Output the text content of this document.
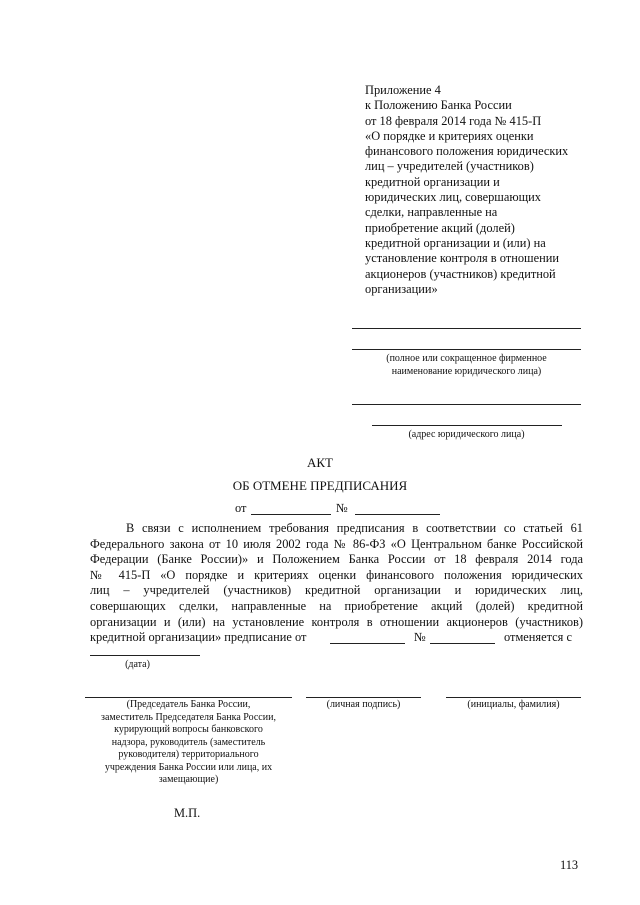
Приложение 4
к Положению Банка России
от 18 февраля 2014 года № 415-П
«О порядке и критериях оценки
финансового положения юридических
лиц – учредителей (участников)
кредитной организации и
юридических лиц, совершающих
сделки, направленные на
приобретение акций (долей)
кредитной организации и (или) на
установление контроля в отношении
акционеров (участников) кредитной
организации»
(полное или сокращенное фирменное
наименование юридического лица)
(адрес юридического лица)
АКТ
ОБ ОТМЕНЕ ПРЕДПИСАНИЯ
от	№
В связи с исполнением требования предписания в соответствии со статьей 61
Федерального закона от 10 июля 2002 года № 86-ФЗ «О Центральном банке Российской
Федерации (Банке России)» и Положением Банка России от 18 февраля 2014 года
№ 415-П «О порядке и критериях оценки финансового положения юридических
лиц – учредителей (участников) кредитной организации и юридических лиц,
совершающих сделки, направленные на приобретение акций (долей) кредитной
организации и (или) на установление контроля в отношении акционеров (участников)
кредитной организации» предписание от	№	отменяется с
(дата)
(Председатель Банка России,
заместитель Председателя Банка России,
курирующий вопросы банковского
надзора, руководитель (заместитель
руководителя) территориального
учреждения Банка России или лица, их
замещающие)
(личная подпись)	(инициалы, фамилия)
М.П.
113
